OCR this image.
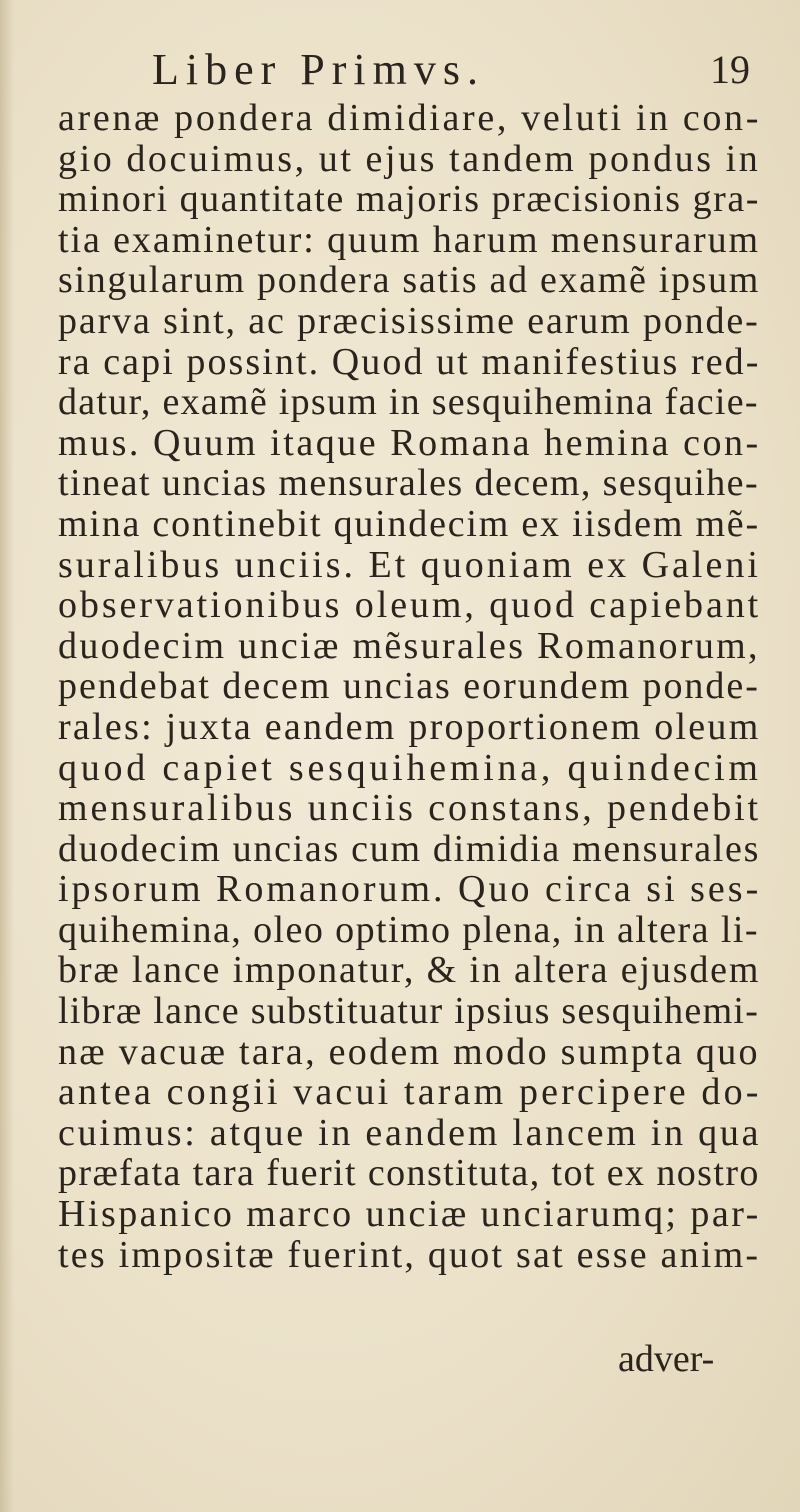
Liber Primvs.	19
arenæ pondera dimidiare, veluti in con-
gio docuimus, ut ejus tandem pondus in
minori quantitate majoris præcisionis gra-
tia examinetur: quum harum mensurarum
singularum pondera satis ad examẽ ipsum
parva sint, ac præcisissime earum ponde-
ra capi possint. Quod ut manifestius red-
datur, examẽ ipsum in sesquihemina facie-
mus. Quum itaque Romana hemina con-
tineat uncias mensurales decem, sesquihe-
mina continebit quindecim ex iisdem mẽ-
suralibus unciis. Et quoniam ex Galeni
observationibus oleum, quod capiebant
duodecim unciæ mẽsurales Romanorum,
pendebat decem uncias eorundem ponde-
rales: juxta eandem proportionem oleum
quod capiet sesquihemina, quindecim
mensuralibus unciis constans, pendebit
duodecim uncias cum dimidia mensurales
ipsorum Romanorum. Quo circa si ses-
quihemina, oleo optimo plena, in altera li-
bræ lance imponatur, & in altera ejusdem
libræ lance substituatur ipsius sesquihemi-
næ vacuæ tara, eodem modo sumpta quo
antea congii vacui taram percipere do-
cuimus: atque in eandem lancem in qua
præfata tara fuerit constituta, tot ex nostro
Hispanico marco unciæ unciarumq; par-
tes impositæ fuerint, quot sat esse anim-
adver-
